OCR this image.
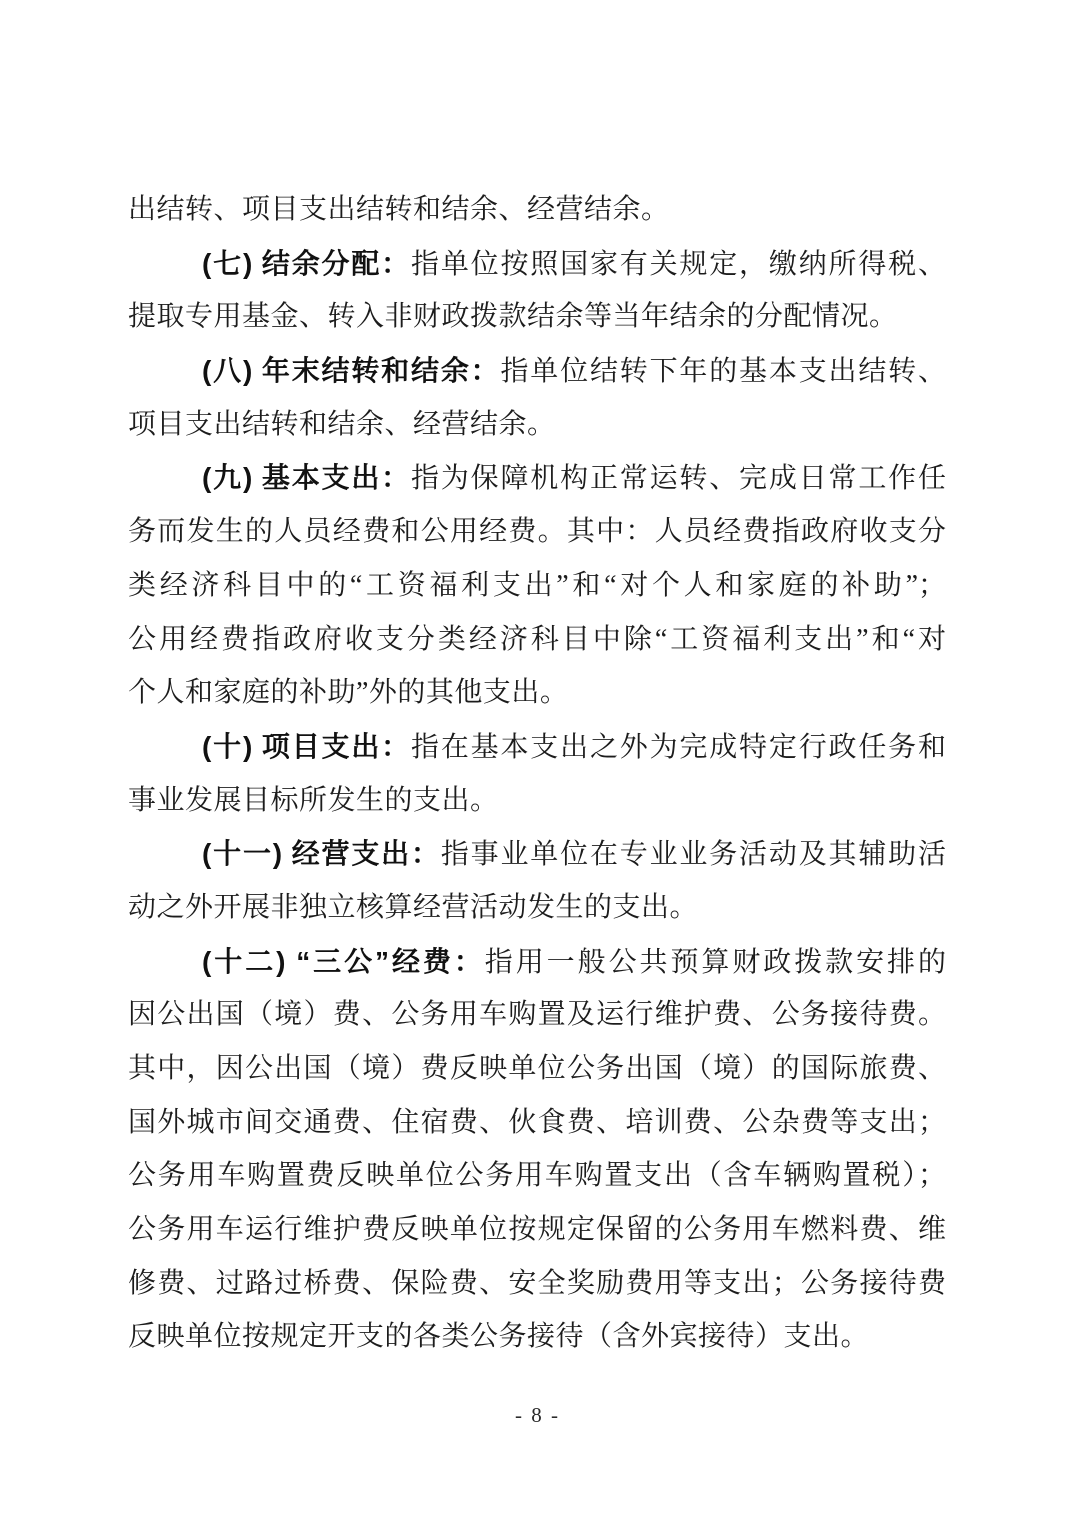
出结转、项目支出结转和结余、经营结余。
(七) 结余分配：指单位按照国家有关规定，缴纳所得税、
提取专用基金、转入非财政拨款结余等当年结余的分配情况。
(八) 年末结转和结余：指单位结转下年的基本支出结转、
项目支出结转和结余、经营结余。
(九) 基本支出：指为保障机构正常运转、完成日常工作任
务而发生的人员经费和公用经费。其中：人员经费指政府收支分
类经济科目中的“工资福利支出”和“对个人和家庭的补助”；
公用经费指政府收支分类经济科目中除“工资福利支出”和“对
个人和家庭的补助”外的其他支出。
(十) 项目支出：指在基本支出之外为完成特定行政任务和
事业发展目标所发生的支出。
(十一) 经营支出：指事业单位在专业业务活动及其辅助活
动之外开展非独立核算经营活动发生的支出。
(十二) “三公”经费：指用一般公共预算财政拨款安排的
因公出国（境）费、公务用车购置及运行维护费、公务接待费。
其中，因公出国（境）费反映单位公务出国（境）的国际旅费、
国外城市间交通费、住宿费、伙食费、培训费、公杂费等支出；
公务用车购置费反映单位公务用车购置支出（含车辆购置税）；
公务用车运行维护费反映单位按规定保留的公务用车燃料费、维
修费、过路过桥费、保险费、安全奖励费用等支出；公务接待费
反映单位按规定开支的各类公务接待（含外宾接待）支出。
- 8 -
